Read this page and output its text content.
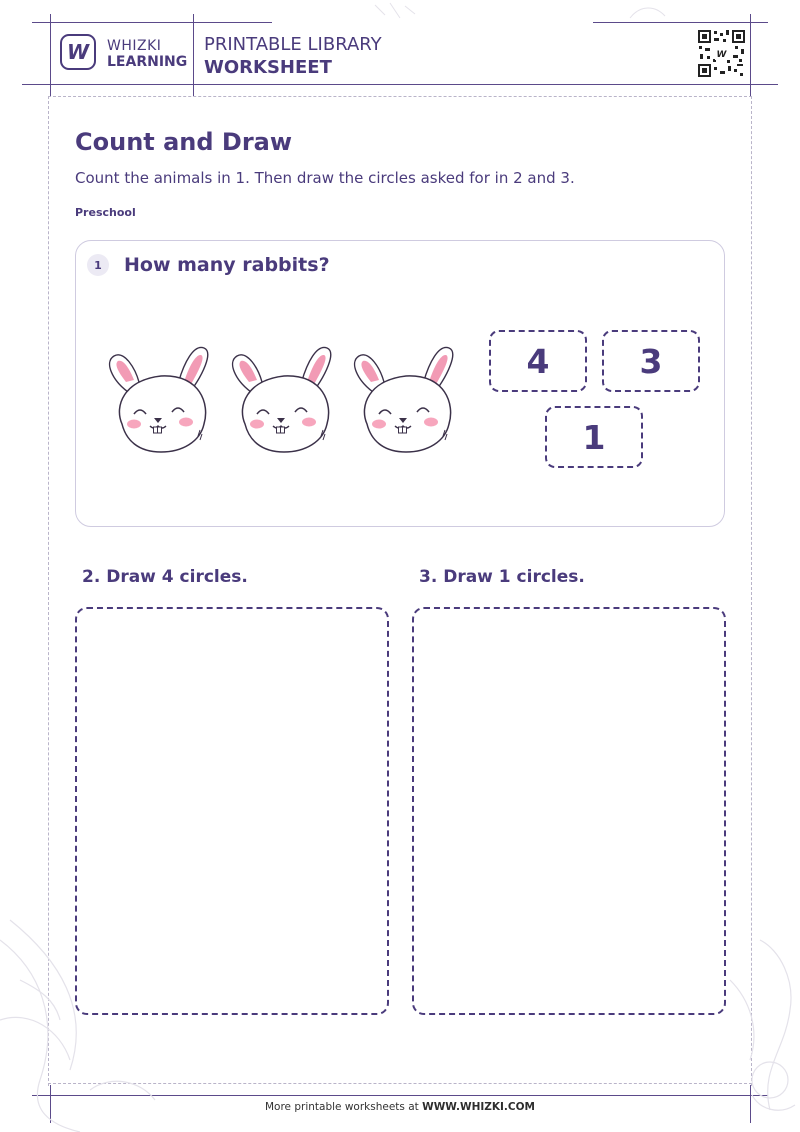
W WHIZKI
LEARNING
PRINTABLE LIBRARY
WORKSHEET
W
Count and Draw
Count the animals in 1. Then draw the circles asked for in 2 and 3.
Preschool
1	How many rabbits?
4	3
1
2. Draw 4 circles.	3. Draw 1 circles.
More printable worksheets at WWW.WHIZKI.COM
